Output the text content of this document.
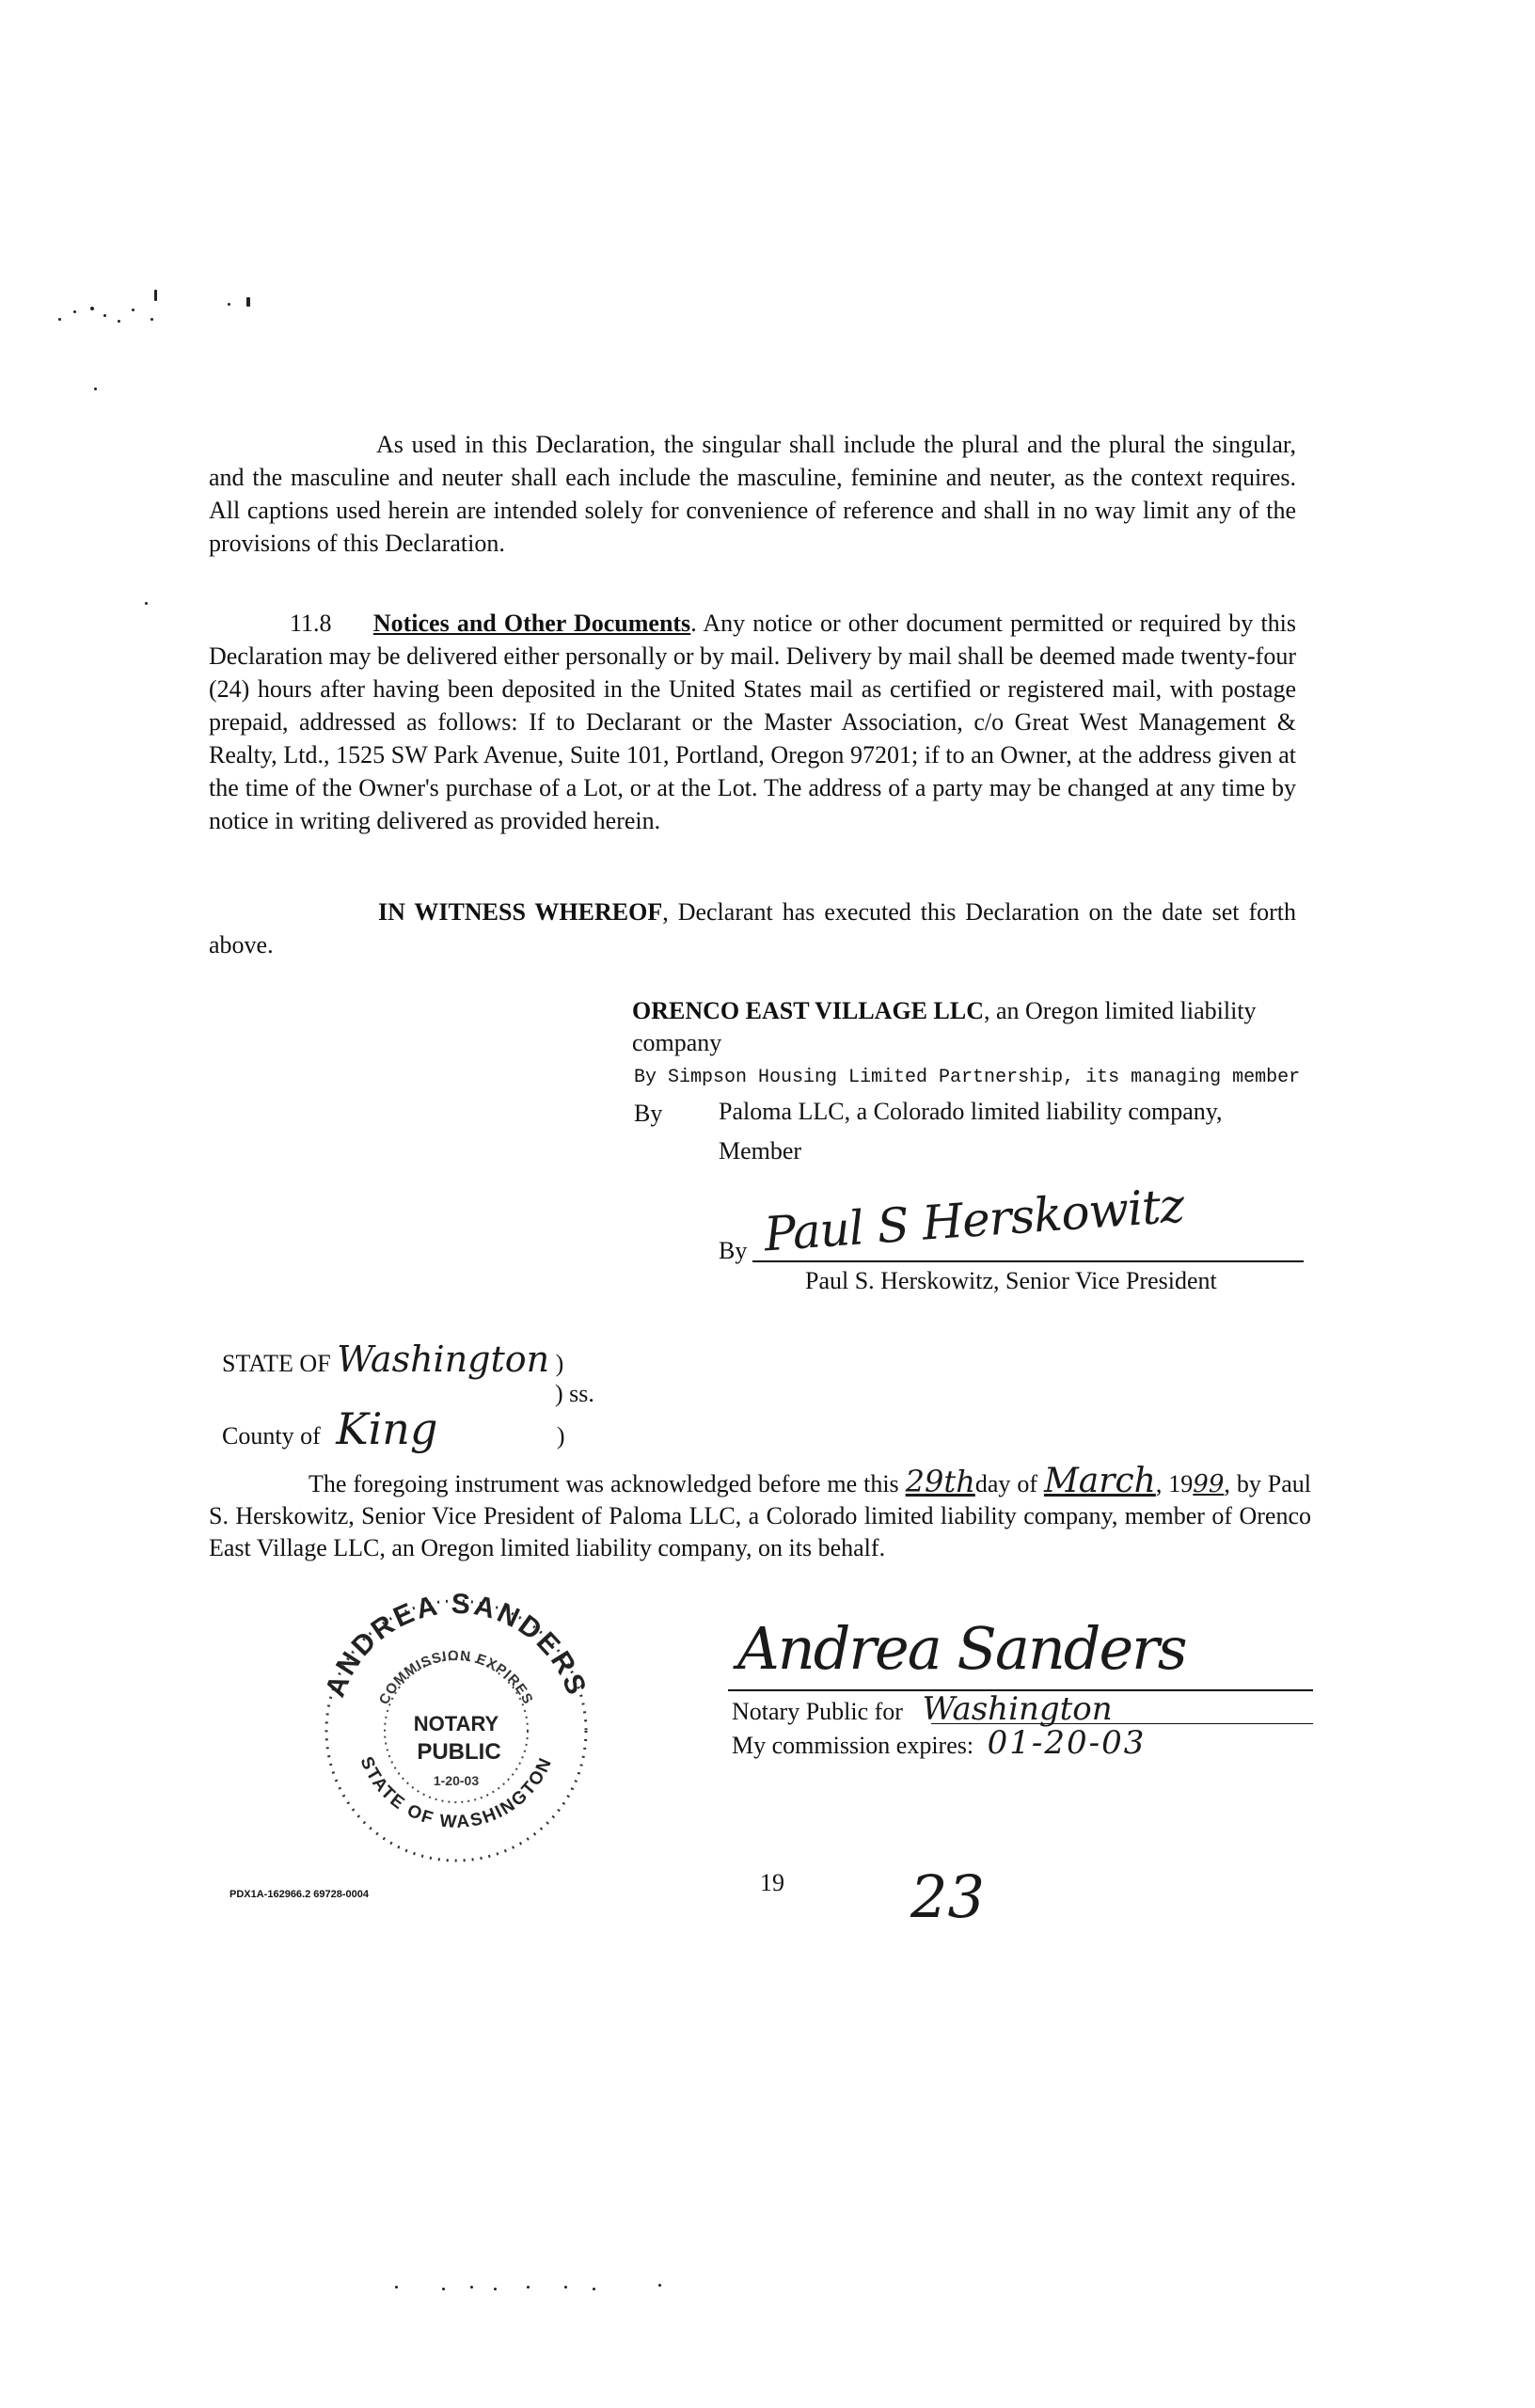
As used in this Declaration, the singular shall include the plural and the plural the singular, and the masculine and neuter shall each include the masculine, feminine and neuter, as the context requires. All captions used herein are intended solely for convenience of reference and shall in no way limit any of the provisions of this Declaration.

11.8 Notices and Other Documents. Any notice or other document permitted or required by this Declaration may be delivered either personally or by mail. Delivery by mail shall be deemed made twenty-four (24) hours after having been deposited in the United States mail as certified or registered mail, with postage prepaid, addressed as follows: If to Declarant or the Master Association, c/o Great West Management & Realty, Ltd., 1525 SW Park Avenue, Suite 101, Portland, Oregon 97201; if to an Owner, at the address given at the time of the Owner's purchase of a Lot, or at the Lot. The address of a party may be changed at any time by notice in writing delivered as provided herein.

IN WITNESS WHEREOF, Declarant has executed this Declaration on the date set forth above.

ORENCO EAST VILLAGE LLC, an Oregon limited liability company
By Simpson Housing Limited Partnership, its managing member
By Paloma LLC, a Colorado limited liability company,
Member
By Paul S Herskowitz
Paul S. Herskowitz, Senior Vice President
STATE OF Washington )
) ss.
County of King	)

The foregoing instrument was acknowledged before me this 29thday of March, 1999, by Paul S. Herskowitz, Senior Vice President of Paloma LLC, a Colorado limited liability company, member of Orenco East Village LLC, an Oregon limited liability company, on its behalf.

ANDREA SANDERS
COMMISSION EXPIRES
NOTARY
PUBLIC
1-20-03
STATE OF WASHINGTON
Andrea Sanders
Notary Public for Washington
My commission expires: 01-20-03
PDX1A-162966.2 69728-0004	19 23
